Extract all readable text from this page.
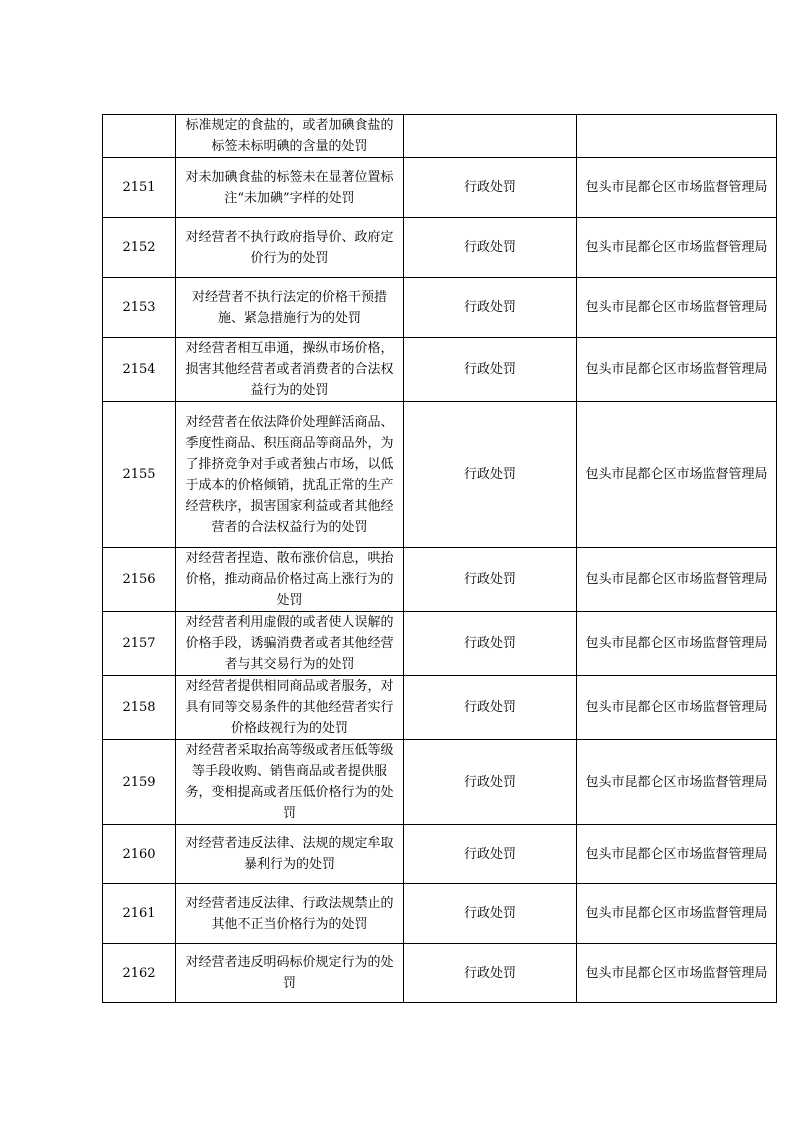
	标准规定的食盐的，或者加碘食盐的标签未标明碘的含量的处罚		
2151	对未加碘食盐的标签未在显著位置标注“未加碘”字样的处罚	行政处罚	包头市昆都仑区市场监督管理局
2152	对经营者不执行政府指导价、政府定价行为的处罚	行政处罚	包头市昆都仑区市场监督管理局
2153	对经营者不执行法定的价格干预措施、紧急措施行为的处罚	行政处罚	包头市昆都仑区市场监督管理局
2154	对经营者相互串通，操纵市场价格，损害其他经营者或者消费者的合法权益行为的处罚	行政处罚	包头市昆都仑区市场监督管理局
2155	对经营者在依法降价处理鲜活商品、季度性商品、积压商品等商品外，为了排挤竞争对手或者独占市场，以低于成本的价格倾销，扰乱正常的生产经营秩序，损害国家利益或者其他经营者的合法权益行为的处罚	行政处罚	包头市昆都仑区市场监督管理局
2156	对经营者捏造、散布涨价信息，哄抬价格，推动商品价格过高上涨行为的处罚	行政处罚	包头市昆都仑区市场监督管理局
2157	对经营者利用虚假的或者使人误解的价格手段，诱骗消费者或者其他经营者与其交易行为的处罚	行政处罚	包头市昆都仑区市场监督管理局
2158	对经营者提供相同商品或者服务，对具有同等交易条件的其他经营者实行价格歧视行为的处罚	行政处罚	包头市昆都仑区市场监督管理局
2159	对经营者采取抬高等级或者压低等级等手段收购、销售商品或者提供服务，变相提高或者压低价格行为的处罚	行政处罚	包头市昆都仑区市场监督管理局
2160	对经营者违反法律、法规的规定牟取暴利行为的处罚	行政处罚	包头市昆都仑区市场监督管理局
2161	对经营者违反法律、行政法规禁止的其他不正当价格行为的处罚	行政处罚	包头市昆都仑区市场监督管理局
2162	对经营者违反明码标价规定行为的处罚	行政处罚	包头市昆都仑区市场监督管理局
